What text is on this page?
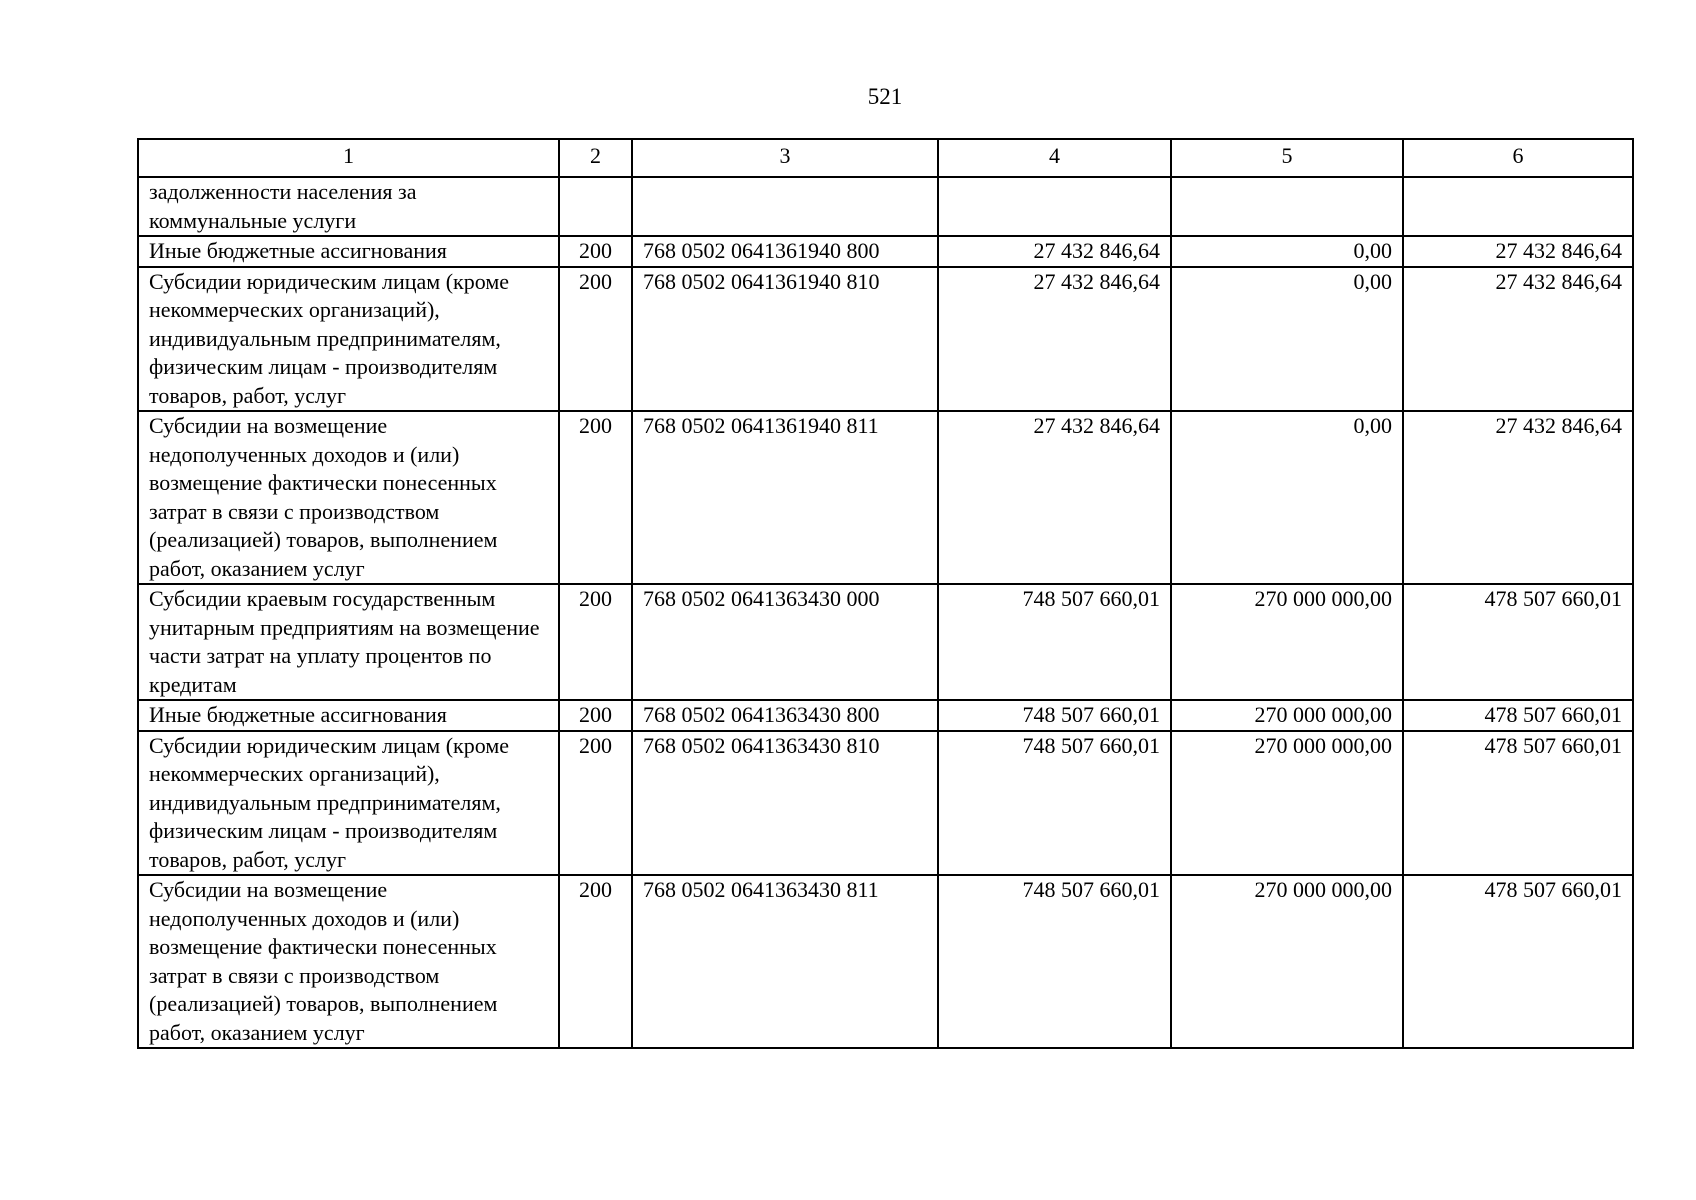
521
1	2	3	4	5	6
задолженности населения за коммунальные услуги					
Иные бюджетные ассигнования	200	768 0502 0641361940 800	27 432 846,64	0,00	27 432 846,64
Субсидии юридическим лицам (кроме некоммерческих организаций), индивидуальным предпринимателям, физическим лицам - производителям товаров, работ, услуг	200	768 0502 0641361940 810	27 432 846,64	0,00	27 432 846,64
Субсидии на возмещение недополученных доходов и (или) возмещение фактически понесенных затрат в связи с производством (реализацией) товаров, выполнением работ, оказанием услуг	200	768 0502 0641361940 811	27 432 846,64	0,00	27 432 846,64
Субсидии краевым государственным унитарным предприятиям на возмещение части затрат на уплату процентов по кредитам	200	768 0502 0641363430 000	748 507 660,01	270 000 000,00	478 507 660,01
Иные бюджетные ассигнования	200	768 0502 0641363430 800	748 507 660,01	270 000 000,00	478 507 660,01
Субсидии юридическим лицам (кроме некоммерческих организаций), индивидуальным предпринимателям, физическим лицам - производителям товаров, работ, услуг	200	768 0502 0641363430 810	748 507 660,01	270 000 000,00	478 507 660,01
Субсидии на возмещение недополученных доходов и (или) возмещение фактически понесенных затрат в связи с производством (реализацией) товаров, выполнением работ, оказанием услуг	200	768 0502 0641363430 811	748 507 660,01	270 000 000,00	478 507 660,01
